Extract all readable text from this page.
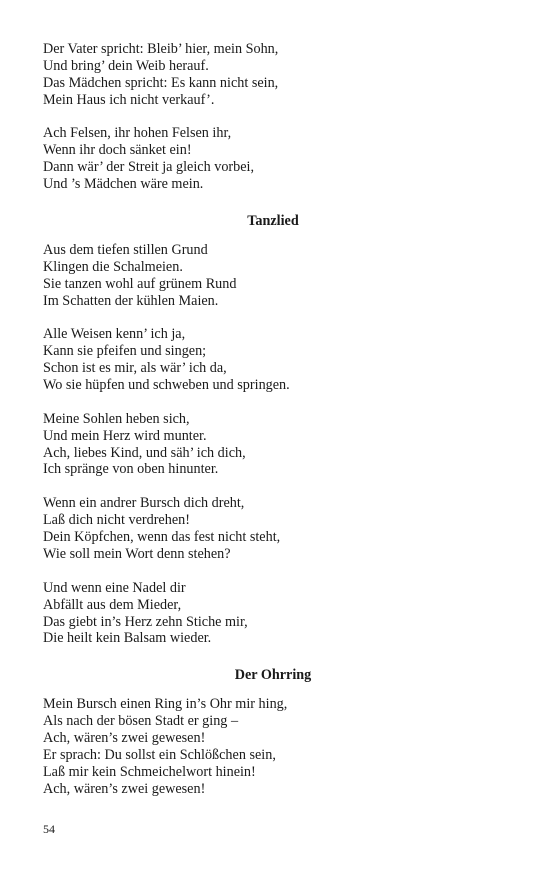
Der Vater spricht: Bleib’ hier, mein Sohn,
Und bring’ dein Weib herauf.
Das Mädchen spricht: Es kann nicht sein,
Mein Haus ich nicht verkauf’.
Ach Felsen, ihr hohen Felsen ihr,
Wenn ihr doch sänket ein!
Dann wär’ der Streit ja gleich vorbei,
Und ’s Mädchen wäre mein.
Tanzlied
Aus dem tiefen stillen Grund
Klingen die Schalmeien.
Sie tanzen wohl auf grünem Rund
Im Schatten der kühlen Maien.
Alle Weisen kenn’ ich ja,
Kann sie pfeifen und singen;
Schon ist es mir, als wär’ ich da,
Wo sie hüpfen und schweben und springen.
Meine Sohlen heben sich,
Und mein Herz wird munter.
Ach, liebes Kind, und säh’ ich dich,
Ich spränge von oben hinunter.
Wenn ein andrer Bursch dich dreht,
Laß dich nicht verdrehen!
Dein Köpfchen, wenn das fest nicht steht,
Wie soll mein Wort denn stehen?
Und wenn eine Nadel dir
Abfällt aus dem Mieder,
Das giebt in’s Herz zehn Stiche mir,
Die heilt kein Balsam wieder.
Der Ohrring
Mein Bursch einen Ring in’s Ohr mir hing,
Als nach der bösen Stadt er ging –
Ach, wären’s zwei gewesen!
Er sprach: Du sollst ein Schlößchen sein,
Laß mir kein Schmeichelwort hinein!
Ach, wären’s zwei gewesen!
54
